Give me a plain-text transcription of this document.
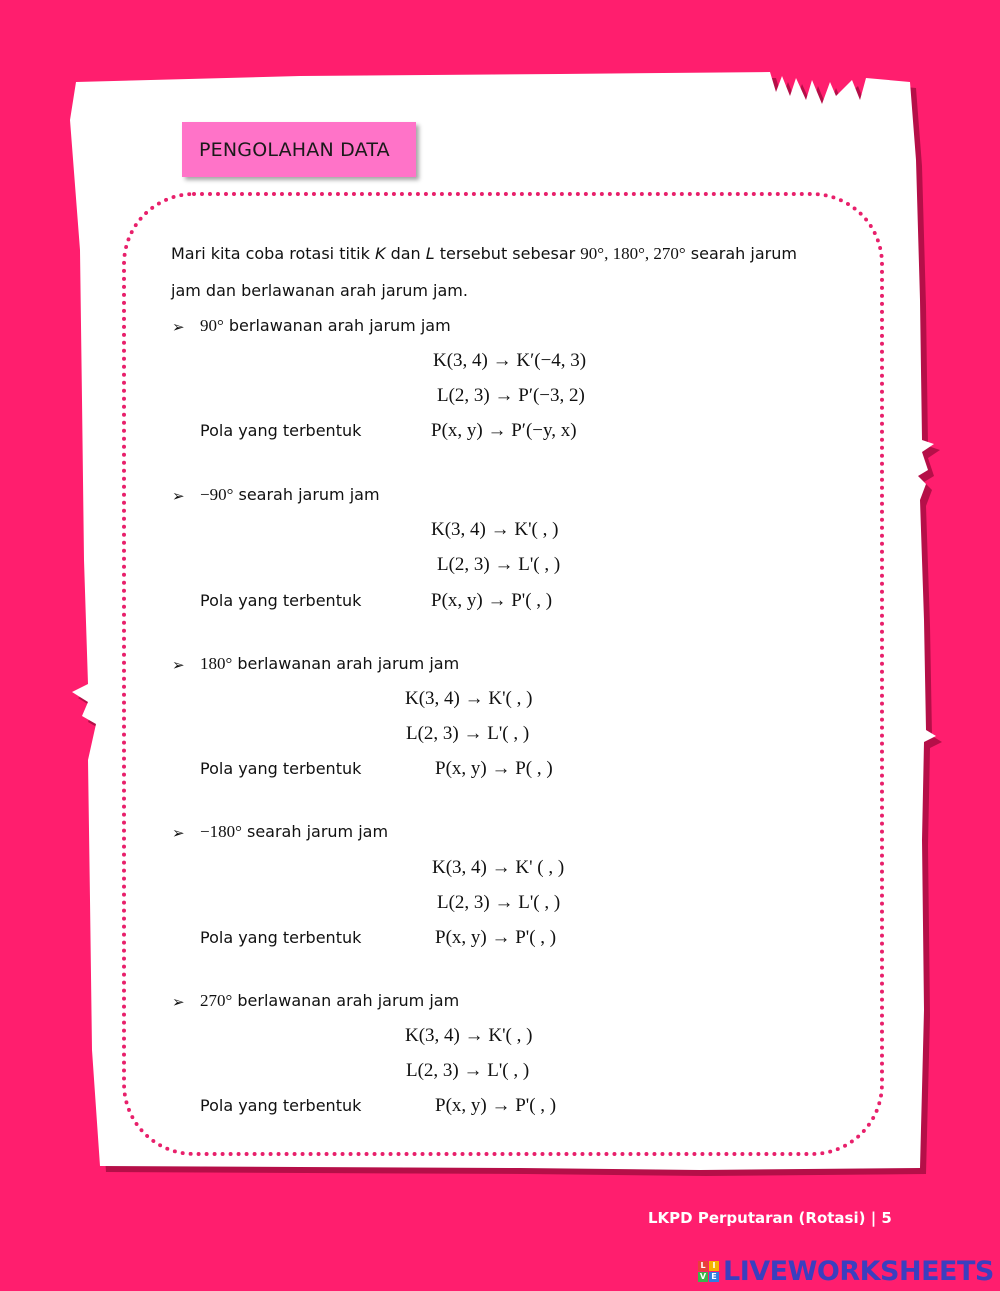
PENGOLAHAN DATA
Mari kita coba rotasi titik K dan L tersebut sebesar 90°, 180°, 270° searah jarum
jam dan berlawanan arah jarum jam.
➢ 90° berlawanan arah jarum jam
K(3, 4) → K′(−4, 3)
L(2, 3) → P′(−3, 2)
Pola yang terbentuk	P(x, y) → P′(−y, x)
➢ −90° searah jarum jam
K(3, 4) → K'( , )
L(2, 3) → L'( , )
Pola yang terbentuk	P(x, y) → P'( , )
➢ 180° berlawanan arah jarum jam
K(3, 4) → K'( , )
L(2, 3) → L'( , )
Pola yang terbentuk	P(x, y) → P( , )
➢ −180° searah jarum jam
K(3, 4) → K' ( , )
L(2, 3) → L'( , )
Pola yang terbentuk	P(x, y) → P'( , )
➢ 270° berlawanan arah jarum jam
K(3, 4) → K'( , )
L(2, 3) → L'( , )
Pola yang terbentuk	P(x, y) → P'( , )
LKPD Perputaran (Rotasi) | 5
L I
V E LIVEWORKSHEETS
